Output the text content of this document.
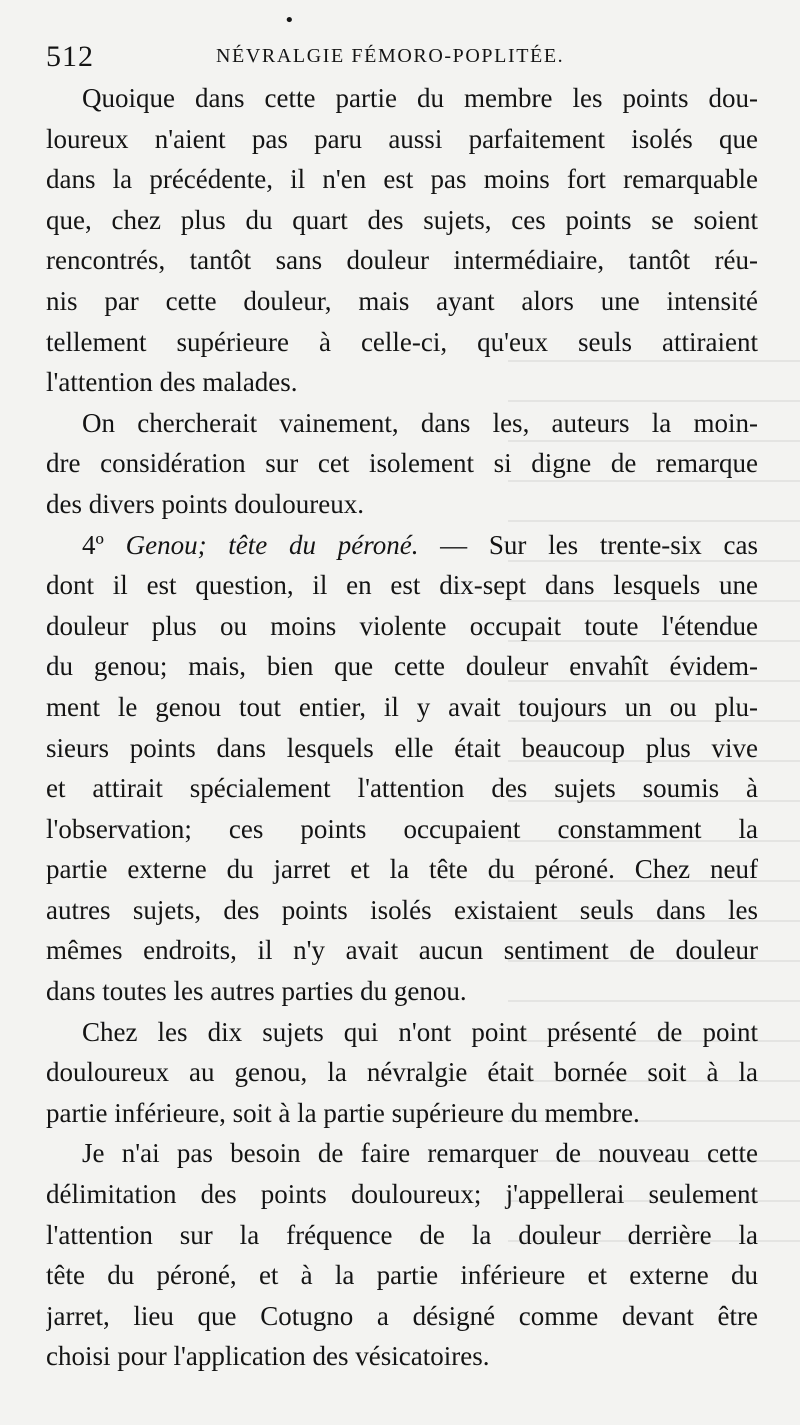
•
512	NÉVRALGIE FÉMORO-POPLITÉE.
Quoique dans cette partie du membre les points dou-
loureux n'aient pas paru aussi parfaitement isolés que
dans la précédente, il n'en est pas moins fort remarquable
que, chez plus du quart des sujets, ces points se soient
rencontrés, tantôt sans douleur intermédiaire, tantôt réu-
nis par cette douleur, mais ayant alors une intensité
tellement supérieure à celle-ci, qu'eux seuls attiraient
l'attention des malades.
On chercherait vainement, dans les, auteurs la moin-
dre considération sur cet isolement si digne de remarque
des divers points douloureux.
4º Genou; tête du péroné. — Sur les trente-six cas
dont il est question, il en est dix-sept dans lesquels une
douleur plus ou moins violente occupait toute l'étendue
du genou; mais, bien que cette douleur envahît évidem-
ment le genou tout entier, il y avait toujours un ou plu-
sieurs points dans lesquels elle était beaucoup plus vive
et attirait spécialement l'attention des sujets soumis à
l'observation; ces points occupaient constamment la
partie externe du jarret et la tête du péroné. Chez neuf
autres sujets, des points isolés existaient seuls dans les
mêmes endroits, il n'y avait aucun sentiment de douleur
dans toutes les autres parties du genou.
Chez les dix sujets qui n'ont point présenté de point
douloureux au genou, la névralgie était bornée soit à la
partie inférieure, soit à la partie supérieure du membre.
Je n'ai pas besoin de faire remarquer de nouveau cette
délimitation des points douloureux; j'appellerai seulement
l'attention sur la fréquence de la douleur derrière la
tête du péroné, et à la partie inférieure et externe du
jarret, lieu que Cotugno a désigné comme devant être
choisi pour l'application des vésicatoires.
